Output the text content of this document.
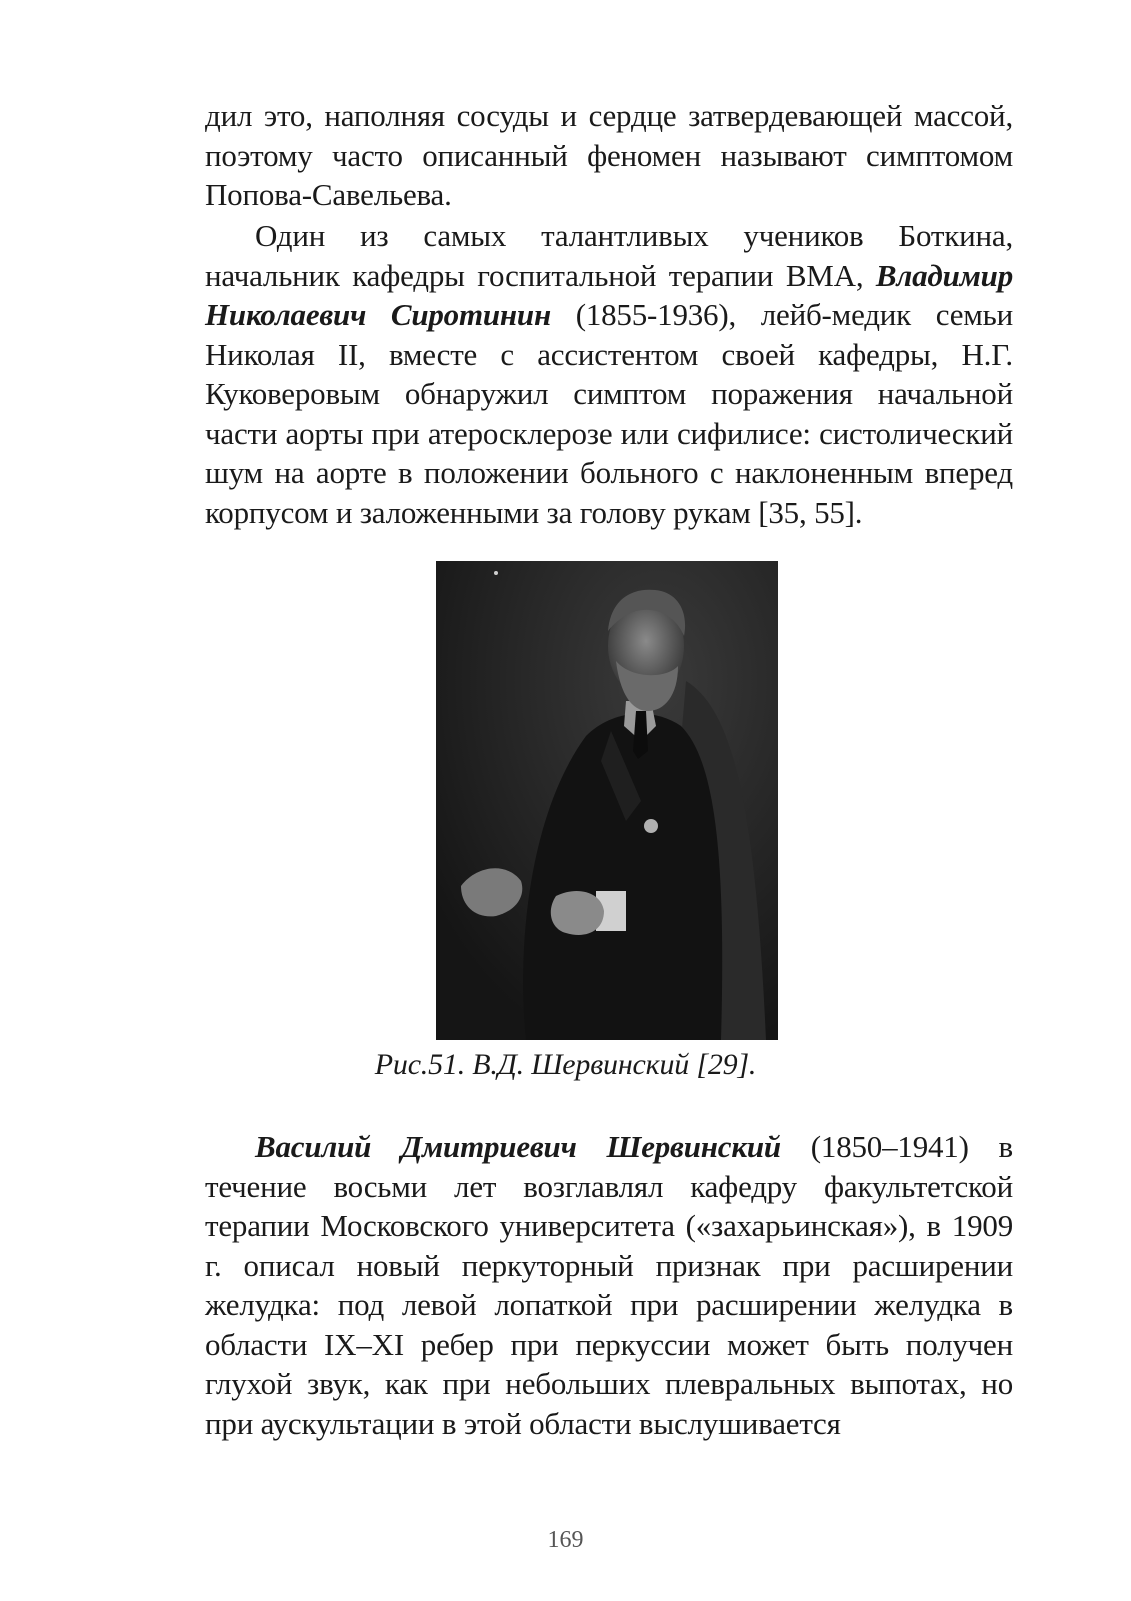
дил это, наполняя сосуды и сердце затвердевающей массой, поэтому часто описанный феномен называют симптомом Попова-Савельева.

Один из самых талантливых учеников Боткина, начальник кафедры госпитальной терапии ВМА, Владимир Николаевич Сиротинин (1855-1936), лейб-медик семьи Николая II, вместе с ассистентом своей кафедры, Н.Г. Куковеровым обнаружил симптом поражения начальной части аорты при атеросклерозе или сифилисе: систолический шум на аорте в положении больного с наклоненным вперед корпусом и заложенными за голову рукам [35, 55].

Рис.51. В.Д. Шервинский [29].

Василий Дмитриевич Шервинский (1850–1941) в течение восьми лет возглавлял кафедру факультетской терапии Московского университета («захарьинская»), в 1909 г. описал новый перкуторный признак при расширении желудка: под левой лопаткой при расширении желудка в области IX–XI ребер при перкуссии может быть получен глухой звук, как при небольших плевральных выпотах, но при аускультации в этой области выслушивается

169
